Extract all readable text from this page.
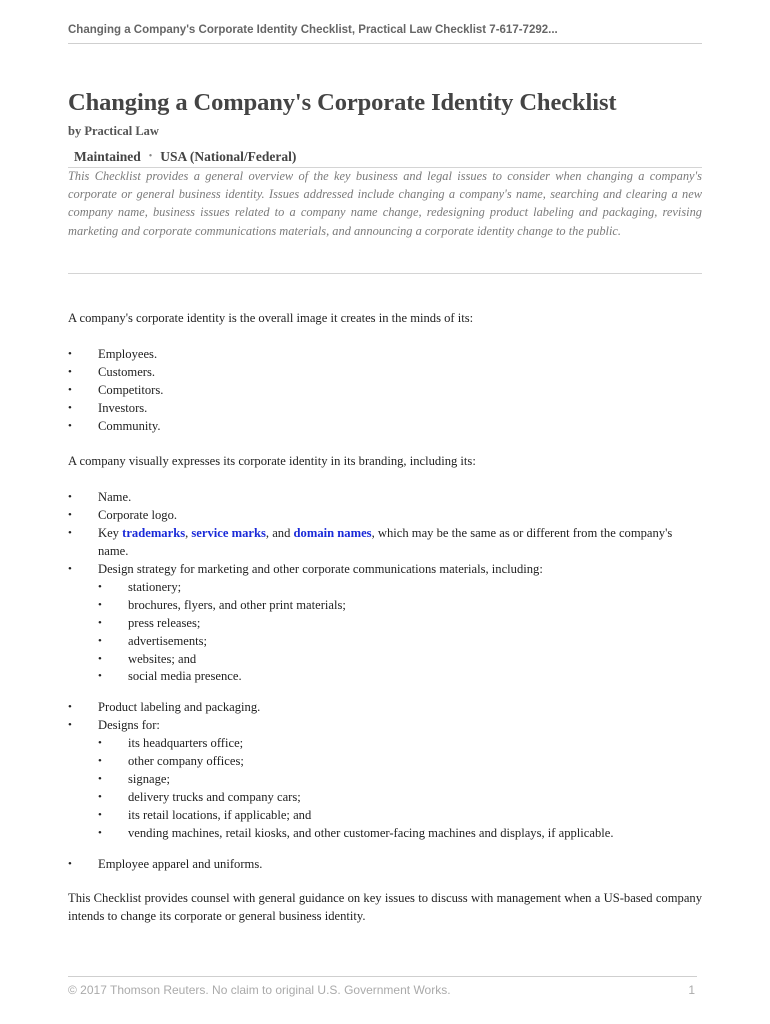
Changing a Company's Corporate Identity Checklist, Practical Law Checklist 7-617-7292...
Changing a Company's Corporate Identity Checklist
by Practical Law
Maintained • USA (National/Federal)

This Checklist provides a general overview of the key business and legal issues to consider when changing a company's corporate or general business identity. Issues addressed include changing a company's name, searching and clearing a new company name, business issues related to a company name change, redesigning product labeling and packaging, revising marketing and corporate communications materials, and announcing a corporate identity change to the public.

A company's corporate identity is the overall image it creates in the minds of its:

• Employees.
• Customers.
• Competitors.
• Investors.
• Community.

A company visually expresses its corporate identity in its branding, including its:

• Name.
• Corporate logo.
• Key trademarks, service marks, and domain names, which may be the same as or different from the company's name.
• Design strategy for marketing and other corporate communications materials, including:
• stationery;
• brochures, flyers, and other print materials;
• press releases;
• advertisements;
• websites; and
• social media presence.
• Product labeling and packaging.
• Designs for:
• its headquarters office;
• other company offices;
• signage;
• delivery trucks and company cars;
• its retail locations, if applicable; and
• vending machines, retail kiosks, and other customer-facing machines and displays, if applicable.
• Employee apparel and uniforms.

This Checklist provides counsel with general guidance on key issues to discuss with management when a US-based company intends to change its corporate or general business identity.

© 2017 Thomson Reuters. No claim to original U.S. Government Works.	1
